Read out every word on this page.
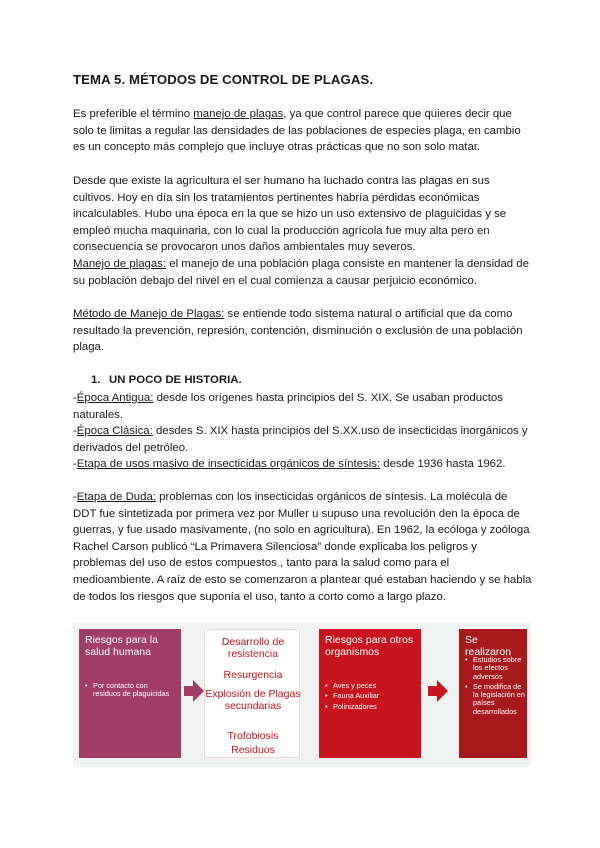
TEMA 5. MÉTODOS DE CONTROL DE PLAGAS.

Es preferible el término manejo de plagas, ya que control parece que quieres decir que solo te limitas a regular las densidades de las poblaciones de especies plaga, en cambio es un concepto más complejo que incluye otras prácticas que no son solo matar.

Desde que existe la agricultura el ser humano ha luchado contra las plagas en sus cultivos. Hoy en día sin los tratamientos pertinentes habría pérdidas económicas incalculables. Hubo una época en la que se hizo un uso extensivo de plaguicidas y se empleó mucha maquinaria, con lo cual la producción agrícola fue muy alta pero en consecuencia se provocaron unos daños ambientales muy severos.

Manejo de plagas: el manejo de una población plaga consiste en mantener la densidad de su población debajo del nivel en el cual comienza a causar perjuicio económico.

Método de Manejo de Plagas: se entiende todo sistema natural o artificial que da como resultado la prevención, represión, contención, disminución o exclusión de una población plaga.

1. UN POCO DE HISTORIA.

-Época Antigua: desde los orígenes hasta principios del S. XIX. Se usaban productos naturales.

-Época Clásica: desdes S. XIX hasta principios del S.XX.uso de insecticidas inorgánicos y derivados del petróleo.

-Etapa de usos masivo de insecticidas orgánicos de síntesis: desde 1936 hasta 1962.

-Etapa de Duda: problemas con los insecticidas orgánicos de síntesis. La molécula de DDT fue sintetizada por primera vez por Muller u supuso una revolución den la época de guerras, y fue usado masivamente, (no solo en agricultura). En 1962, la ecóloga y zoóloga Rachel Carson publicó “La Primavera Silenciosa” donde explicaba los peligros y problemas del uso de estos compuestos , tanto para la salud como para el medioambiente. A raíz de esto se comenzaron a plantear qué estaban haciendo y se habla de todos los riesgos que suponía el uso, tanto a corto como a largo plazo.

Riesgos para la salud humana
• Por contacto con residuos de plaguicidas
Desarrollo de resistencia
Resurgencia
Explosión de Plagas secundarias
Trofobiosis
Residuos
Riesgos para otros organismos
• Aves y peces
• Fauna Auxiliar
• Polinizadores
Se realizaron
• Estudios sobre los efectos adversos
• Se modifica de la legislación en países desarrollados
